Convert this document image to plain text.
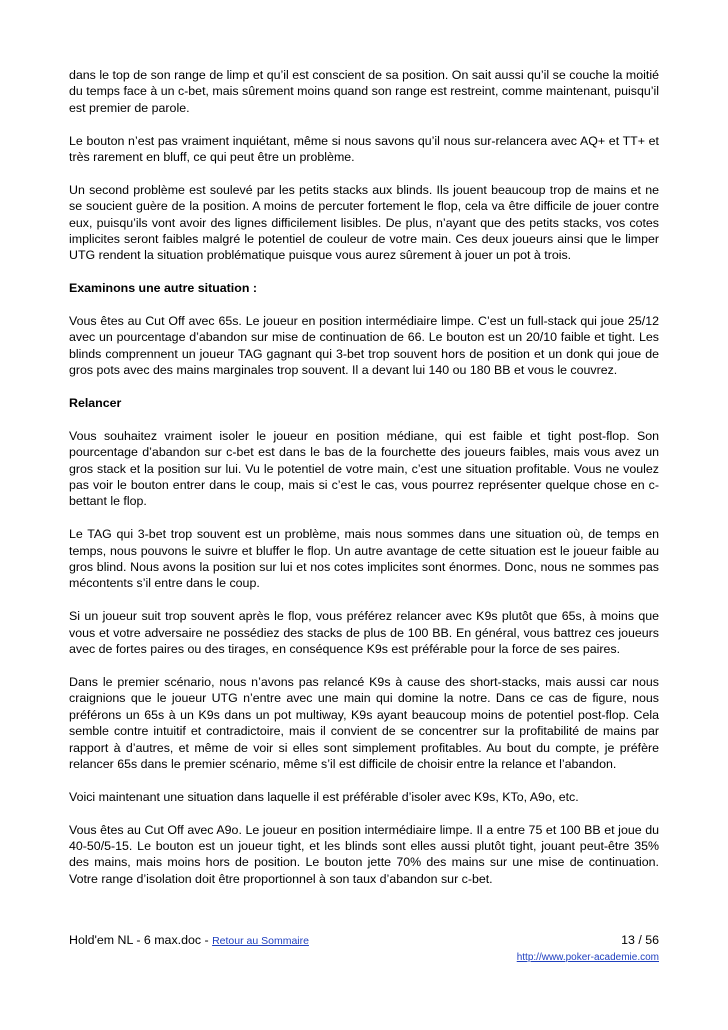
dans le top de son range de limp et qu’il est conscient de sa position. On sait aussi qu’il se couche la moitié du temps face à un c-bet, mais sûrement moins quand son range est restreint, comme maintenant, puisqu’il est premier de parole.

Le bouton n’est pas vraiment inquiétant, même si nous savons qu’il nous sur-relancera avec AQ+ et TT+ et très rarement en bluff, ce qui peut être un problème.

Un second problème est soulevé par les petits stacks aux blinds. Ils jouent beaucoup trop de mains et ne se soucient guère de la position. A moins de percuter fortement le flop, cela va être difficile de jouer contre eux, puisqu’ils vont avoir des lignes difficilement lisibles. De plus, n’ayant que des petits stacks, vos cotes implicites seront faibles malgré le potentiel de couleur de votre main. Ces deux joueurs ainsi que le limper UTG rendent la situation problématique puisque vous aurez sûrement à jouer un pot à trois.

Examinons une autre situation :

Vous êtes au Cut Off avec 65s. Le joueur en position intermédiaire limpe. C’est un full-stack qui joue 25/12 avec un pourcentage d’abandon sur mise de continuation de 66. Le bouton est un 20/10 faible et tight. Les blinds comprennent un joueur TAG gagnant qui 3-bet trop souvent hors de position et un donk qui joue de gros pots avec des mains marginales trop souvent. Il a devant lui 140 ou 180 BB et vous le couvrez.

Relancer

Vous souhaitez vraiment isoler le joueur en position médiane, qui est faible et tight post-flop. Son pourcentage d’abandon sur c-bet est dans le bas de la fourchette des joueurs faibles, mais vous avez un gros stack et la position sur lui. Vu le potentiel de votre main, c’est une situation profitable. Vous ne voulez pas voir le bouton entrer dans le coup, mais si c’est le cas, vous pourrez représenter quelque chose en c-bettant le flop.

Le TAG qui 3-bet trop souvent est un problème, mais nous sommes dans une situation où, de temps en temps, nous pouvons le suivre et bluffer le flop. Un autre avantage de cette situation est le joueur faible au gros blind. Nous avons la position sur lui et nos cotes implicites sont énormes. Donc, nous ne sommes pas mécontents s’il entre dans le coup.

Si un joueur suit trop souvent après le flop, vous préférez relancer avec K9s plutôt que 65s, à moins que vous et votre adversaire ne possédiez des stacks de plus de 100 BB. En général, vous battrez ces joueurs avec de fortes paires ou des tirages, en conséquence K9s est préférable pour la force de ses paires.

Dans le premier scénario, nous n’avons pas relancé K9s à cause des short-stacks, mais aussi car nous craignions que le joueur UTG n’entre avec une main qui domine la notre. Dans ce cas de figure, nous préférons un 65s à un K9s dans un pot multiway, K9s ayant beaucoup moins de potentiel post-flop. Cela semble contre intuitif et contradictoire, mais il convient de se concentrer sur la profitabilité de mains par rapport à d’autres, et même de voir si elles sont simplement profitables. Au bout du compte, je préfère relancer 65s dans le premier scénario, même s’il est difficile de choisir entre la relance et l’abandon.

Voici maintenant une situation dans laquelle il est préférable d’isoler avec K9s, KTo, A9o, etc.

Vous êtes au Cut Off avec A9o. Le joueur en position intermédiaire limpe. Il a entre 75 et 100 BB et joue du 40-50/5-15. Le bouton est un joueur tight, et les blinds sont elles aussi plutôt tight, jouant peut-être 35% des mains, mais moins hors de position. Le bouton jette 70% des mains sur une mise de continuation. Votre range d’isolation doit être proportionnel à son taux d’abandon sur c-bet.

Hold'em NL - 6 max.doc - Retour au Sommaire	13 / 56
http://www.poker-academie.com
